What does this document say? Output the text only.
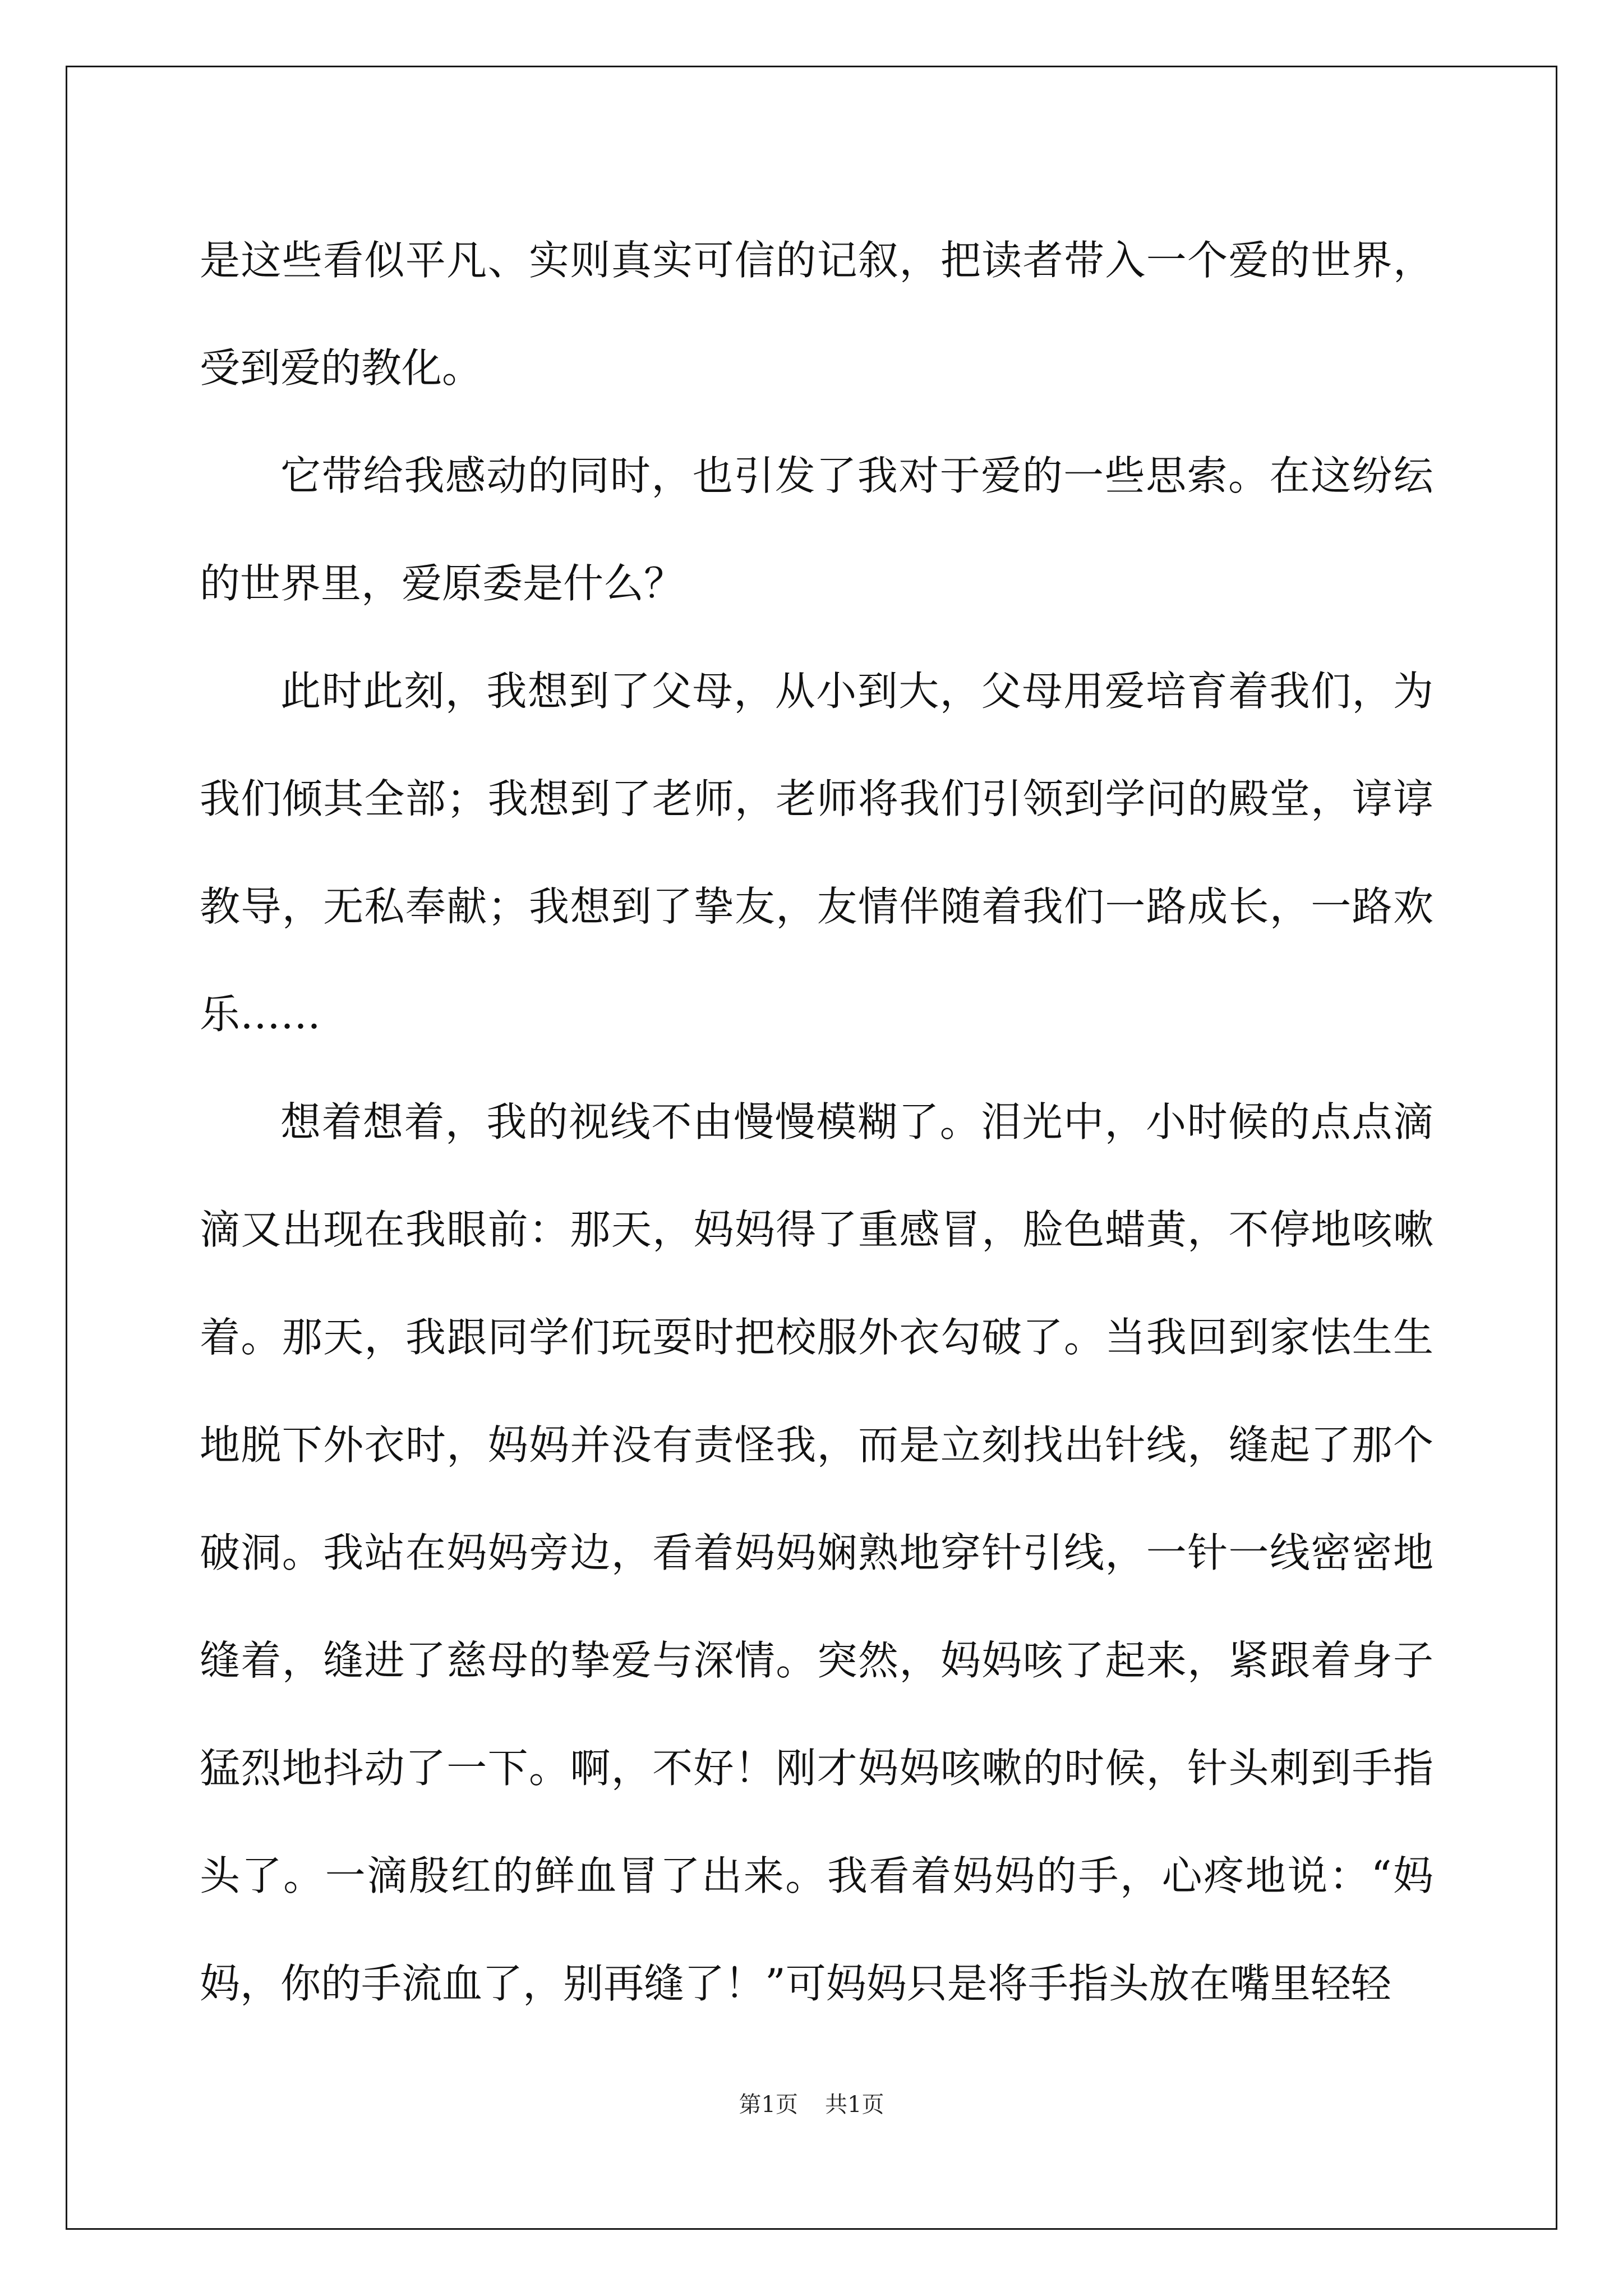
是这些看似平凡、实则真实可信的记叙，把读者带入一个爱的世界，受到爱的教化。

它带给我感动的同时，也引发了我对于爱的一些思索。在这纷纭的世界里，爱原委是什么？

此时此刻，我想到了父母，从小到大，父母用爱培育着我们，为我们倾其全部；我想到了老师，老师将我们引领到学问的殿堂，谆谆教导，无私奉献；我想到了挚友，友情伴随着我们一路成长，一路欢乐……

想着想着，我的视线不由慢慢模糊了。泪光中，小时候的点点滴滴又出现在我眼前：那天，妈妈得了重感冒，脸色蜡黄，不停地咳嗽着。那天，我跟同学们玩耍时把校服外衣勾破了。当我回到家怯生生地脱下外衣时，妈妈并没有责怪我，而是立刻找出针线，缝起了那个破洞。我站在妈妈旁边，看着妈妈娴熟地穿针引线，一针一线密密地缝着，缝进了慈母的挚爱与深情。突然，妈妈咳了起来，紧跟着身子猛烈地抖动了一下。啊，不好！刚才妈妈咳嗽的时候，针头刺到手指头了。一滴殷红的鲜血冒了出来。我看着妈妈的手，心疼地说：“妈妈，你的手流血了，别再缝了！”可妈妈只是将手指头放在嘴里轻轻

第1页 共1页
